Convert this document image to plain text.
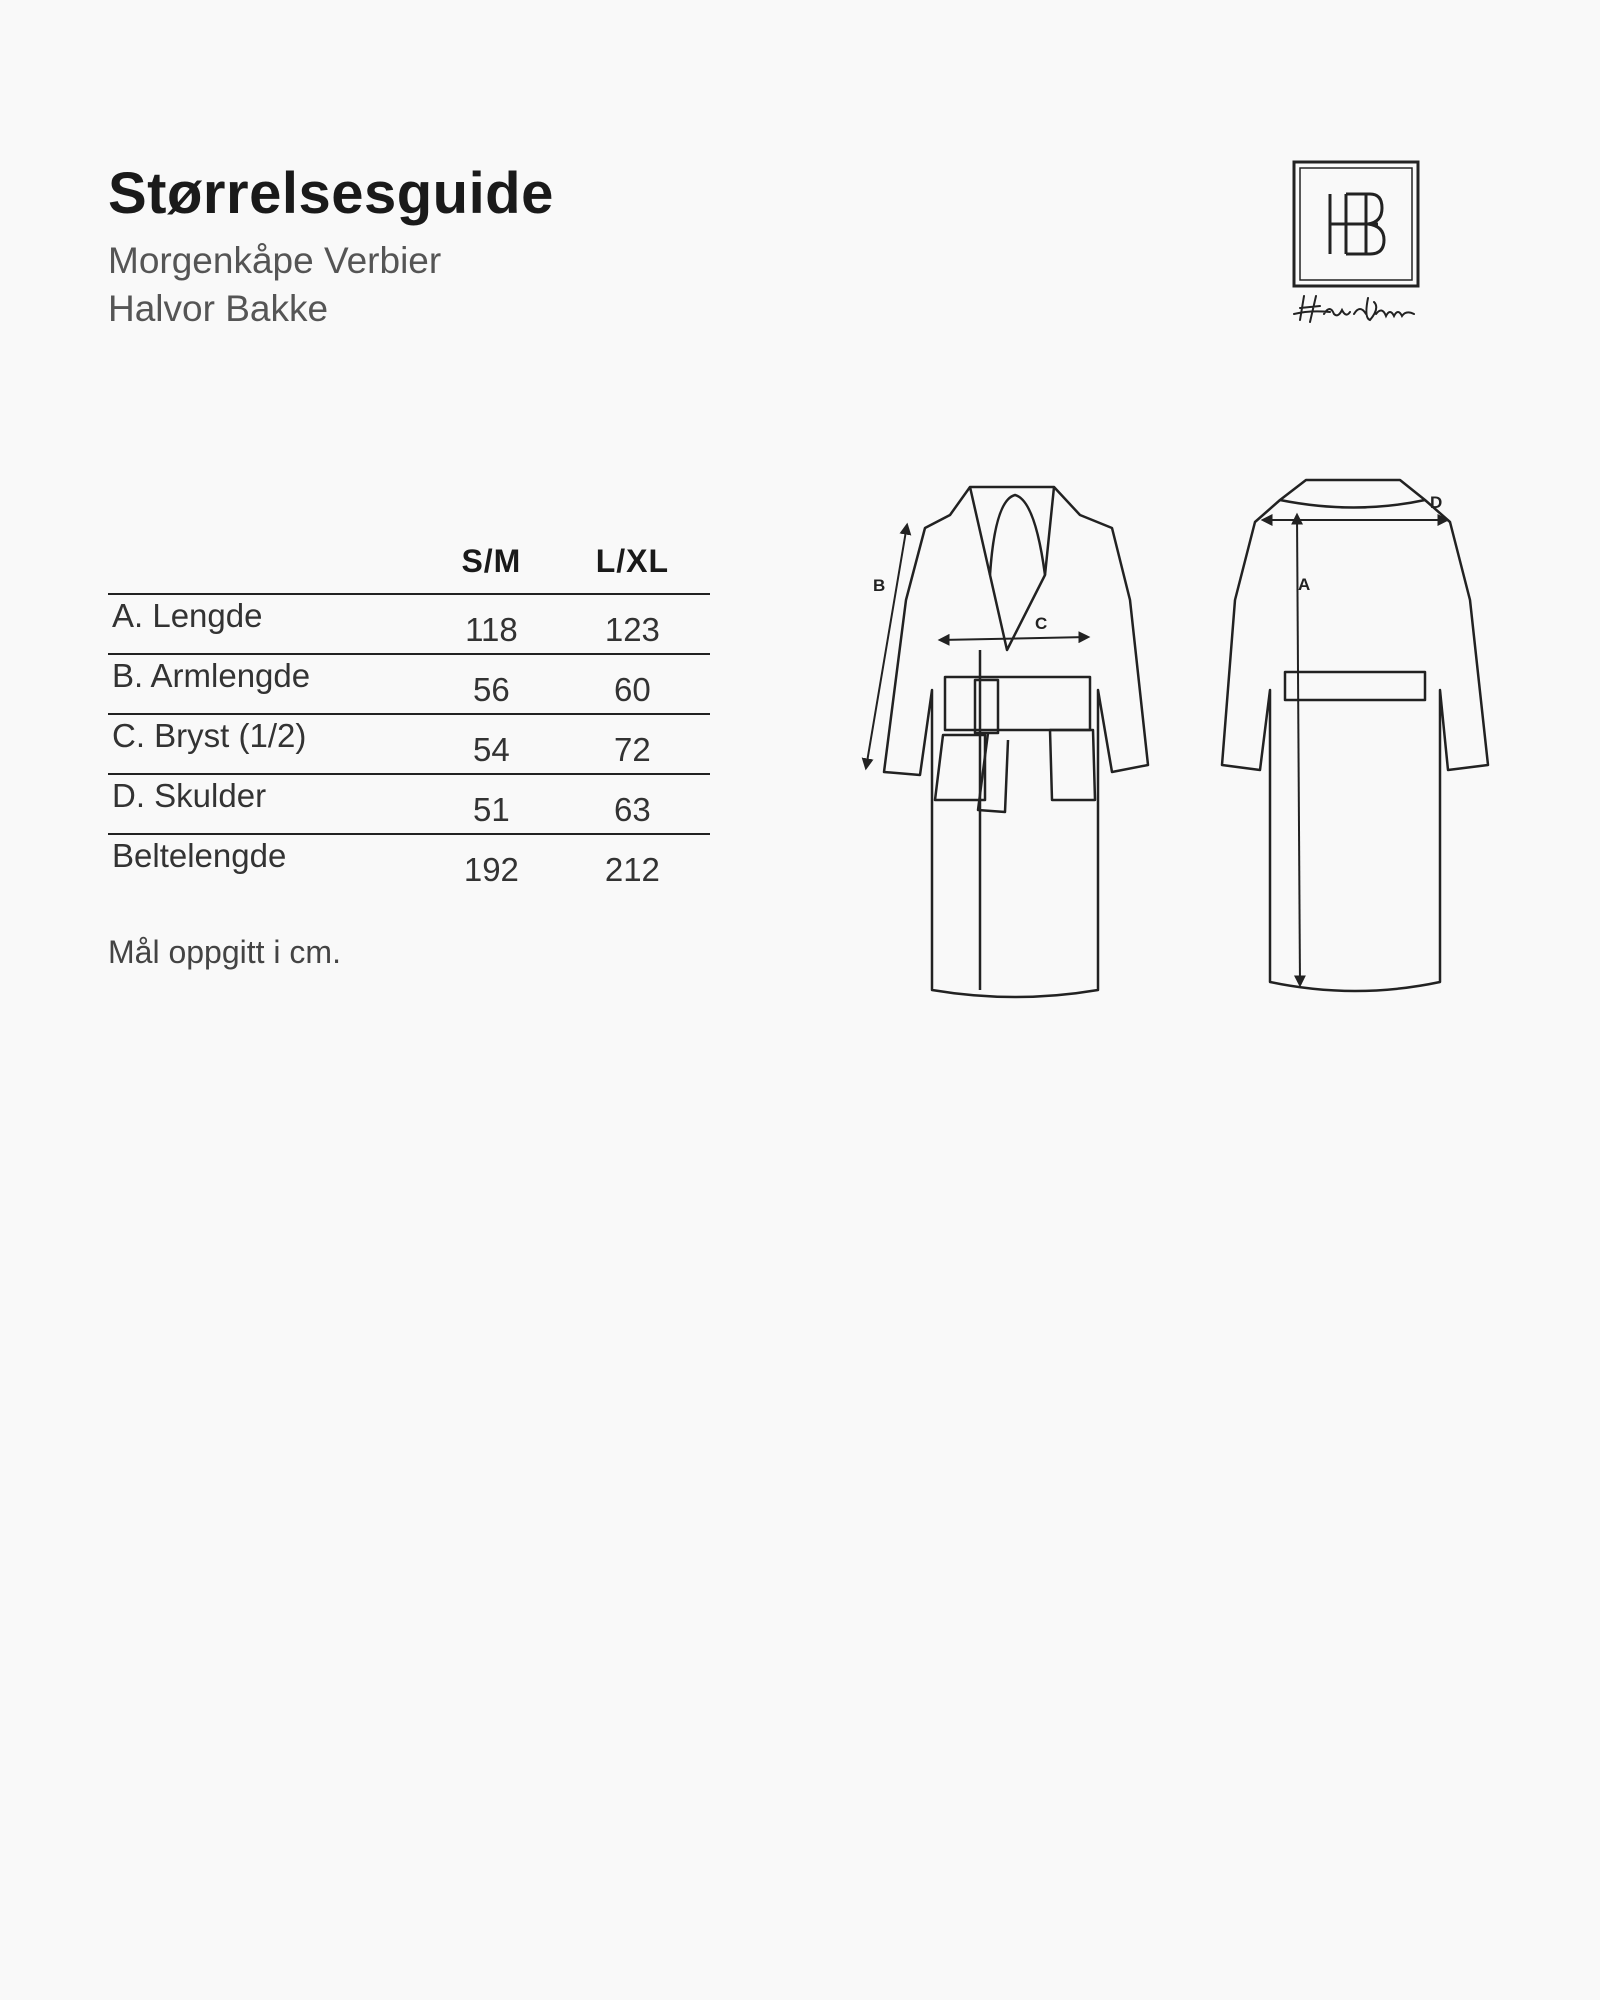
Størrelsesguide
Morgenkåpe Verbier
Halvor Bakke
	S/M	L/XL
A. Lengde	118	123
B. Armlengde	56	60
C. Bryst (1/2)	54	72
D. Skulder	51	63
Beltelengde	192	212
Mål oppgitt i cm.
B
C
A
D
